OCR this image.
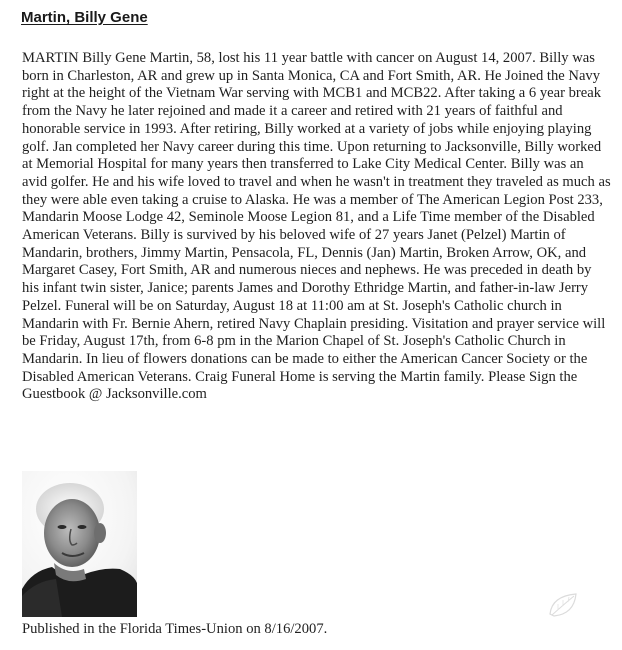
Martin, Billy Gene

MARTIN Billy Gene Martin, 58, lost his 11 year battle with cancer on August 14, 2007. Billy was born in Charleston, AR and grew up in Santa Monica, CA and Fort Smith, AR. He Joined the Navy right at the height of the Vietnam War serving with MCB1 and MCB22. After taking a 6 year break from the Navy he later rejoined and made it a career and retired with 21 years of faithful and honorable service in 1993. After retiring, Billy worked at a variety of jobs while enjoying playing golf. Jan completed her Navy career during this time. Upon returning to Jacksonville, Billy worked at Memorial Hospital for many years then transferred to Lake City Medical Center. Billy was an avid golfer. He and his wife loved to travel and when he wasn't in treatment they traveled as much as they were able even taking a cruise to Alaska. He was a member of The American Legion Post 233, Mandarin Moose Lodge 42, Seminole Moose Legion 81, and a Life Time member of the Disabled American Veterans. Billy is survived by his beloved wife of 27 years Janet (Pelzel) Martin of Mandarin, brothers, Jimmy Martin, Pensacola, FL, Dennis (Jan) Martin, Broken Arrow, OK, and Margaret Casey, Fort Smith, AR and numerous nieces and nephews. He was preceded in death by his infant twin sister, Janice; parents James and Dorothy Ethridge Martin, and father-in-law Jerry Pelzel. Funeral will be on Saturday, August 18 at 11:00 am at St. Joseph's Catholic church in Mandarin with Fr. Bernie Ahern, retired Navy Chaplain presiding. Visitation and prayer service will be Friday, August 17th, from 6-8 pm in the Marion Chapel of St. Joseph's Catholic Church in Mandarin. In lieu of flowers donations can be made to either the American Cancer Society or the Disabled American Veterans. Craig Funeral Home is serving the Martin family. Please Sign the Guestbook @ Jacksonville.com

Published in the Florida Times-Union on 8/16/2007.
